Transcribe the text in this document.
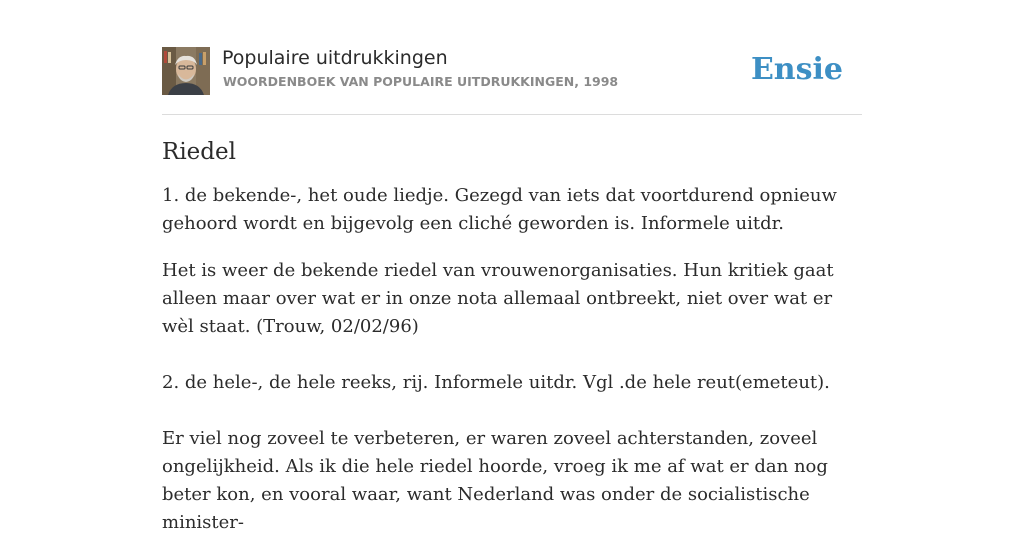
Populaire uitdrukkingen
WOORDENBOEK VAN POPULAIRE UITDRUKKINGEN, 1998	Ensie
Riedel

1. de bekende-, het oude liedje. Gezegd van iets dat voortdurend opnieuw gehoord wordt en bijgevolg een cliché geworden is. Informele uitdr.

Het is weer de bekende riedel van vrouwenorganisaties. Hun kritiek gaat alleen maar over wat er in onze nota allemaal ontbreekt, niet over wat er wèl staat. (Trouw, 02/02/96)

2. de hele-, de hele reeks, rij. Informele uitdr. Vgl .de hele reut(emeteut).

Er viel nog zoveel te verbeteren, er waren zoveel achterstanden, zoveel ongelijkheid. Als ik die hele riedel hoorde, vroeg ik me af wat er dan nog beter kon, en vooral waar, want Nederland was onder de socialistische minister-
